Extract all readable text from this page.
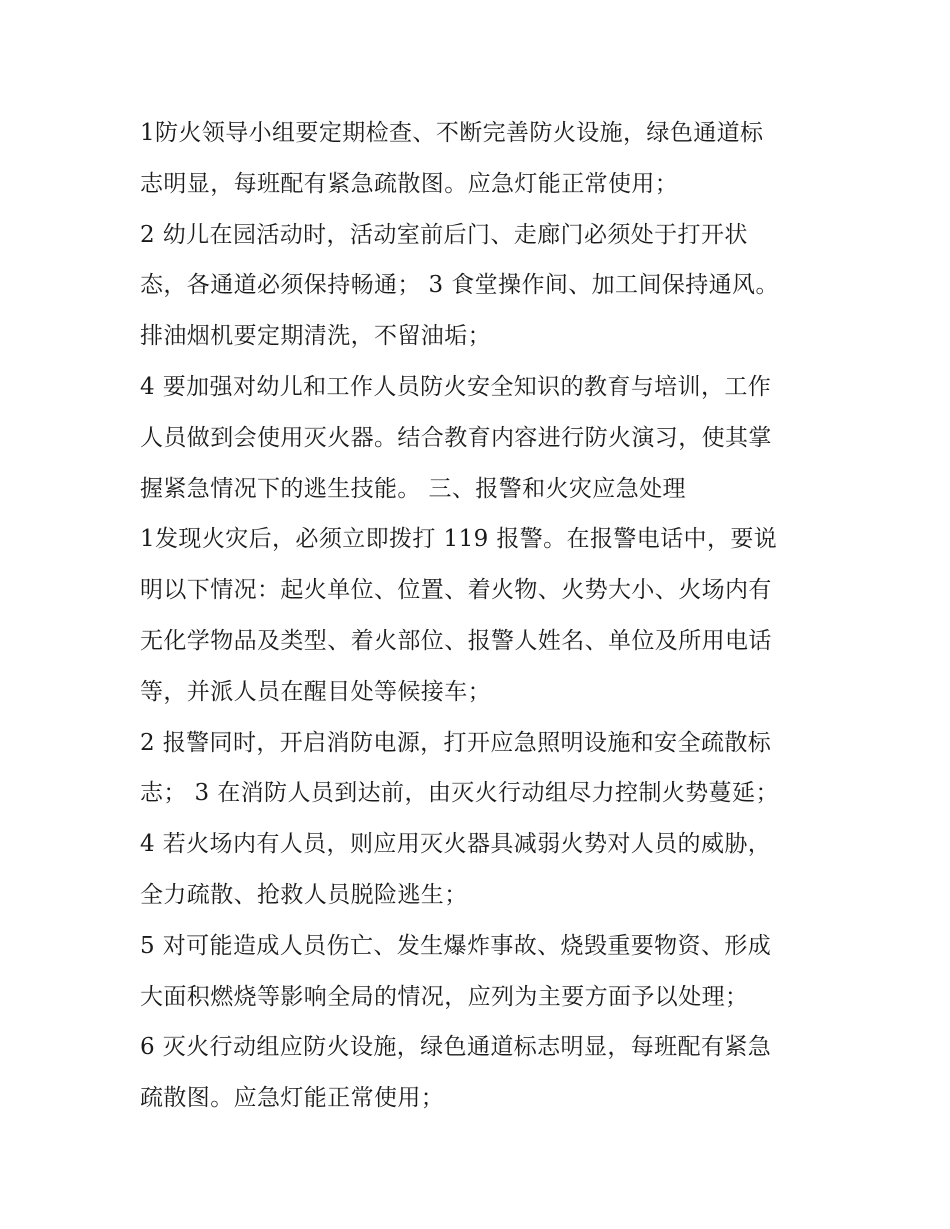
1防火领导小组要定期检查、不断完善防火设施，绿色通道标

志明显，每班配有紧急疏散图。应急灯能正常使用；

2 幼儿在园活动时，活动室前后门、走廊门必须处于打开状

态，各通道必须保持畅通； 3 食堂操作间、加工间保持通风。

排油烟机要定期清洗，不留油垢；

4 要加强对幼儿和工作人员防火安全知识的教育与培训，工作

人员做到会使用灭火器。结合教育内容进行防火演习，使其掌

握紧急情况下的逃生技能。 三、报警和火灾应急处理

1发现火灾后，必须立即拨打 119 报警。在报警电话中，要说

明以下情况：起火单位、位置、着火物、火势大小、火场内有

无化学物品及类型、着火部位、报警人姓名、单位及所用电话

等，并派人员在醒目处等候接车；

2 报警同时，开启消防电源，打开应急照明设施和安全疏散标

志； 3 在消防人员到达前，由灭火行动组尽力控制火势蔓延；

4 若火场内有人员，则应用灭火器具减弱火势对人员的威胁，

全力疏散、抢救人员脱险逃生；

5 对可能造成人员伤亡、发生爆炸事故、烧毁重要物资、形成

大面积燃烧等影响全局的情况，应列为主要方面予以处理；

6 灭火行动组应防火设施，绿色通道标志明显，每班配有紧急

疏散图。应急灯能正常使用；
